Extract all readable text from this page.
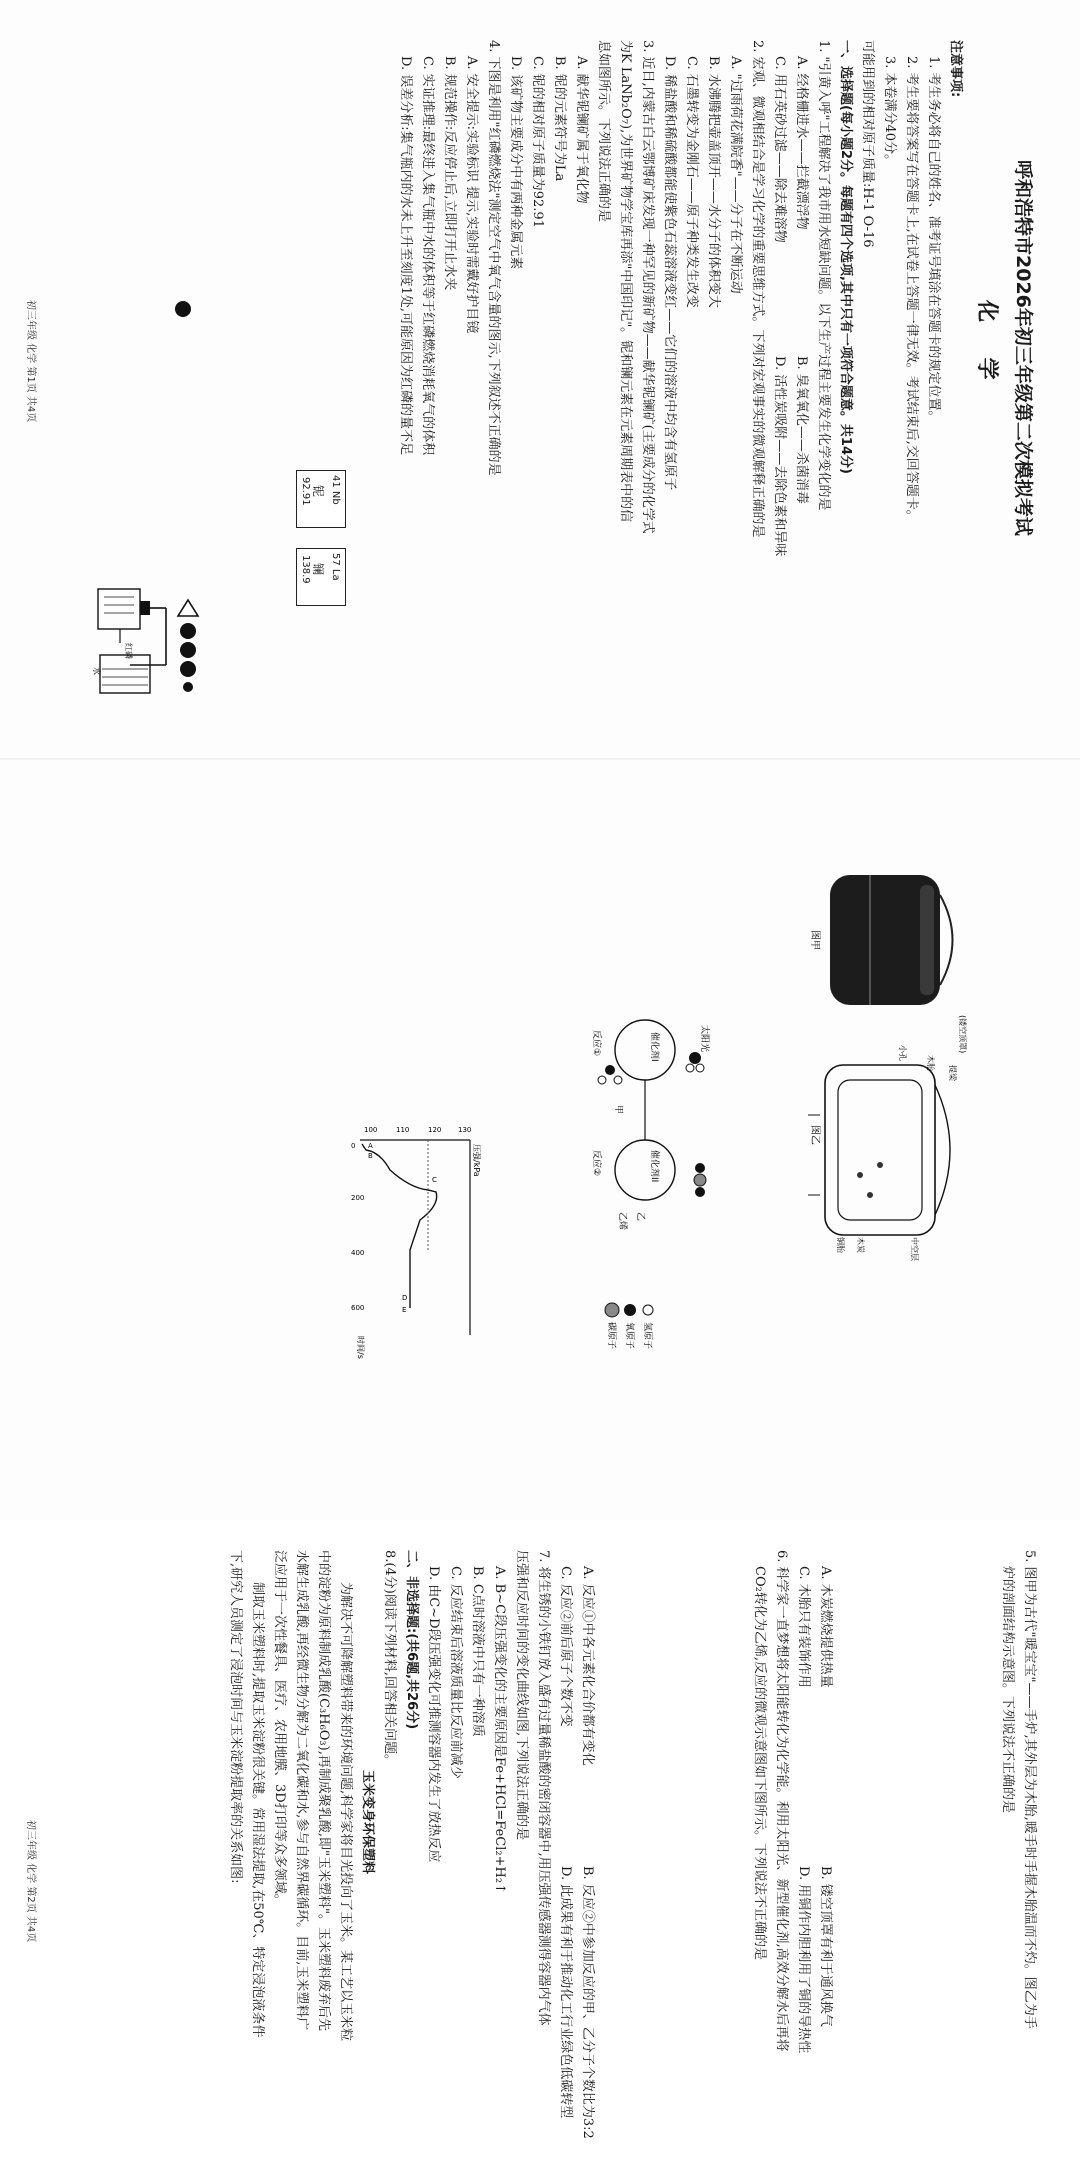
呼和浩特市2026年初三年级第二次模拟考试

化 学

注意事项:

1. 考生务必将自己的姓名、准考证号填涂在答题卡的规定位置。

2. 考生要将答案写在答题卡上,在试卷上答题一律无效。考试结束后,交回答题卡。

3. 本卷满分40分。

可能用到的相对原子质量:H-1 O-16

一、选择题(每小题2分。每题有四个选项,其中只有一项符合题意。共14分)

1. "引黄入呼"工程解决了我市用水短缺问题。以下生产过程主要发生化学变化的是

A. 经格栅进水——拦截漂浮物
B. 臭氧氧化——杀菌消毒
C. 用石英砂过滤——除去难溶物
D. 活性炭吸附——去除色素和异味

2. 宏观、微观相结合是学习化学的重要思维方式。下列对宏观事实的微观解释正确的是

A. "过雨荷花满院香"——分子在不断运动

B. 水沸腾把壶盖顶开——水分子的体积变大

C. 石墨转变为金刚石——原子种类发生改变

D. 稀盐酸和稀硫酸都能使紫色石蕊溶液变红——它们的溶液中均含有氢原子

3. 近日,内蒙古白云鄂博矿床发现一种罕见的新矿物——献华铌镧矿(主要成分的化学式

为K LaNb₂O₇),为世界矿物学宝库再添"中国印记"。铌和镧元素在元素周期表中的信

息如图所示。下列说法正确的是

A. 献华铌镧矿属于氧化物

B. 铌的元素符号为La

C. 铌的相对原子质量为92.91

D. 该矿物主要成分中有两种金属元素

4. 下图是利用"红磷燃烧法"测定空气中氧气含量的图示,下列叙述不正确的是

A. 安全提示:实验标识 提示,实验时需戴好护目镜

B. 规范操作:反应停止后,立即打开止水夹

C. 实证推理:最终进入集气瓶中水的体积等于红磷燃烧消耗氧气的体积

D. 误差分析:集气瓶内的水未上升至刻度1处,可能原因为红磷的量不足

41 Nb
铌
92.91
57 La
镧
138.9
红磷
水
初三年级 化学 第1页 共4页

5. 图甲为古代"暖宝宝"——手炉,其外层为木胎,暖手时手握木胎温而不灼。图乙为手

炉的剖面结构示意图。下列说法不正确的是

A. 木炭燃烧提供热量
B. 镂空顶罩有利于通风换气
C. 木胎只有装饰作用
D. 用铜作内胆利用了铜的导热性

6. 科学家一直梦想将太阳能转化为化学能。利用太阳光、新型催化剂,高效分解水后再将

CO₂转化为乙烯,反应的微观示意图如下图所示。下列说法不正确的是

A. 反应①中各元素化合价都有变化
B. 反应②中参加反应的甲、乙分子个数比为3:2
C. 反应②前后原子个数不变
D. 此成果有利于推动化工行业绿色低碳转型

7. 将生锈的小铁钉放入盛有过量稀盐酸的密闭容器中,用压强传感器测得容器内气体

压强和反应时间的变化曲线如图,下列说法正确的是

A. B~C段压强变化的主要原因是Fe+HCl=FeCl₂+H₂↑

B. C点时溶液中只有一种溶质

C. 反应结束后溶液质量比反应前减少

D. 由C~D段压强变化可推测容器内发生了放热反应

二、非选择题:(共6题,共26分)

8.(4分)阅读下列材料,回答相关问题。

玉米变身环保塑料

为解决不可降解塑料带来的环境问题,科学家将目光投向了玉米。某工艺以玉米粒

中的淀粉为原料制成乳酸(C₃H₆O₃),再制成聚乳酸,即"玉米塑料"。玉米塑料废弃后先

水解生成乳酸,再经微生物分解为二氧化碳和水,参与自然界碳循环。目前,玉米塑料广

泛应用于一次性餐具、医疗、农用地膜、3D打印等众多领域。

制取玉米塑料时,提取玉米淀粉很关键。常用湿法提取,在50℃、特定浸泡液条件

下,研究人员测定了浸泡时间与玉米淀粉提取率的关系如图:

图甲
图乙
(镂空顶罩)
木胎
铜胎 木炭	中空层
小孔
提梁
催化剂I
催化剂II
太阳光
反应①
反应②
甲
乙
乙烯
氢原子
氧原子
碳原子
压强/kPa
时间/s
100	110	120 130
0
200
400
600
A
B
C
D
E
初三年级 化学 第2页 共4页
